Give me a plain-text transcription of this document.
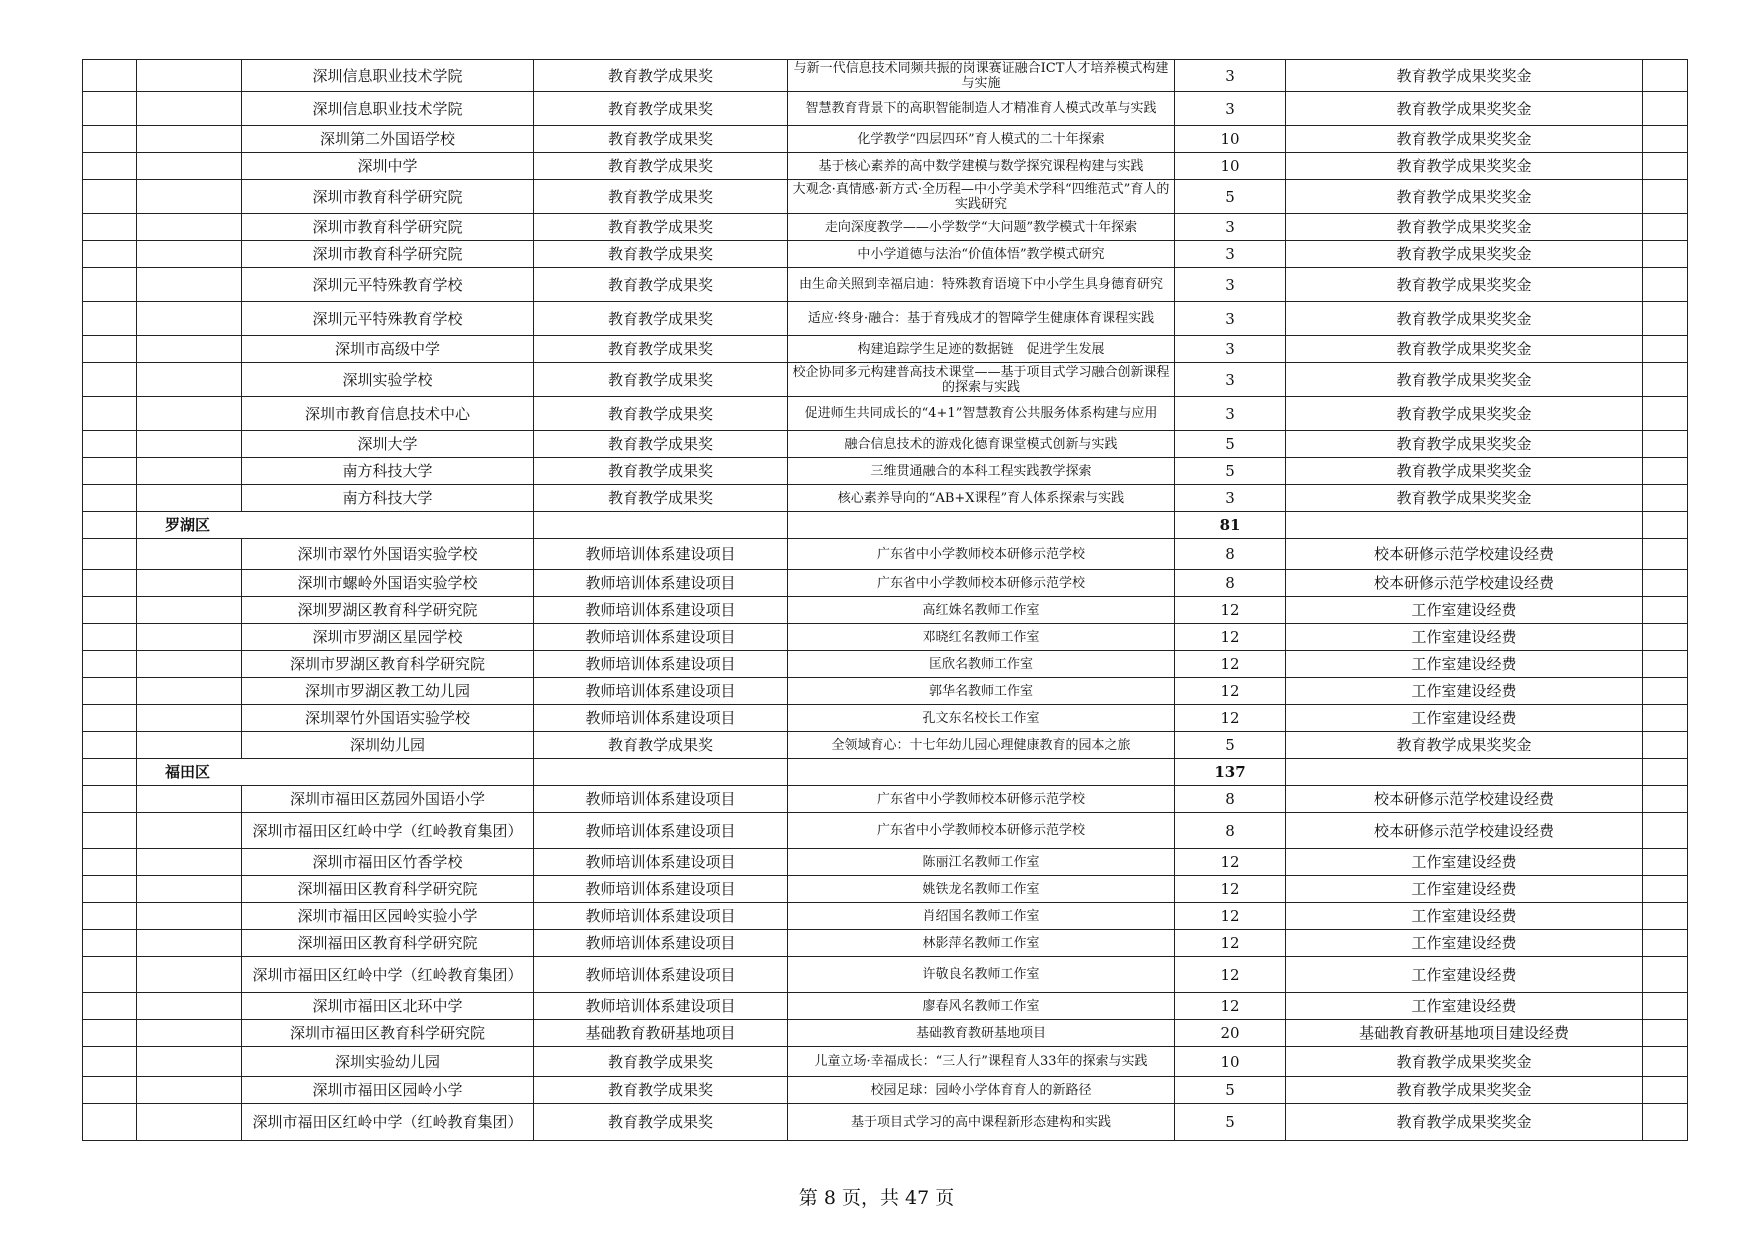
		深圳信息职业技术学院	教育教学成果奖	与新一代信息技术同频共振的岗课赛证融合ICT人才培养模式构建与实施	3	教育教学成果奖奖金	
		深圳信息职业技术学院	教育教学成果奖	智慧教育背景下的高职智能制造人才精准育人模式改革与实践	3	教育教学成果奖奖金	
		深圳第二外国语学校	教育教学成果奖	化学教学“四层四环”育人模式的二十年探索	10	教育教学成果奖奖金	
		深圳中学	教育教学成果奖	基于核心素养的高中数学建模与数学探究课程构建与实践	10	教育教学成果奖奖金	
		深圳市教育科学研究院	教育教学成果奖	大观念·真情感·新方式·全历程—中小学美术学科“四维范式”育人的实践研究	5	教育教学成果奖奖金	
		深圳市教育科学研究院	教育教学成果奖	走向深度教学——小学数学“大问题”教学模式十年探索	3	教育教学成果奖奖金	
		深圳市教育科学研究院	教育教学成果奖	中小学道德与法治“价值体悟”教学模式研究	3	教育教学成果奖奖金	
		深圳元平特殊教育学校	教育教学成果奖	由生命关照到幸福启迪：特殊教育语境下中小学生具身德育研究	3	教育教学成果奖奖金	
		深圳元平特殊教育学校	教育教学成果奖	适应·终身·融合：基于育残成才的智障学生健康体育课程实践	3	教育教学成果奖奖金	
		深圳市高级中学	教育教学成果奖	构建追踪学生足迹的数据链　促进学生发展	3	教育教学成果奖奖金	
		深圳实验学校	教育教学成果奖	校企协同多元构建普高技术课堂——基于项目式学习融合创新课程的探索与实践	3	教育教学成果奖奖金	
		深圳市教育信息技术中心	教育教学成果奖	促进师生共同成长的“4+1”智慧教育公共服务体系构建与应用	3	教育教学成果奖奖金	
		深圳大学	教育教学成果奖	融合信息技术的游戏化德育课堂模式创新与实践	5	教育教学成果奖奖金	
		南方科技大学	教育教学成果奖	三维贯通融合的本科工程实践教学探索	5	教育教学成果奖奖金	
		南方科技大学	教育教学成果奖	核心素养导向的“AB+X课程”育人体系探索与实践	3	教育教学成果奖奖金	
	罗湖区				81		
		深圳市翠竹外国语实验学校	教师培训体系建设项目	广东省中小学教师校本研修示范学校	8	校本研修示范学校建设经费	
		深圳市螺岭外国语实验学校	教师培训体系建设项目	广东省中小学教师校本研修示范学校	8	校本研修示范学校建设经费	
		深圳罗湖区教育科学研究院	教师培训体系建设项目	高红姝名教师工作室	12	工作室建设经费	
		深圳市罗湖区星园学校	教师培训体系建设项目	邓晓红名教师工作室	12	工作室建设经费	
		深圳市罗湖区教育科学研究院	教师培训体系建设项目	匡欣名教师工作室	12	工作室建设经费	
		深圳市罗湖区教工幼儿园	教师培训体系建设项目	郭华名教师工作室	12	工作室建设经费	
		深圳翠竹外国语实验学校	教师培训体系建设项目	孔文东名校长工作室	12	工作室建设经费	
		深圳幼儿园	教育教学成果奖	全领域育心：十七年幼儿园心理健康教育的园本之旅	5	教育教学成果奖奖金	
	福田区				137		
		深圳市福田区荔园外国语小学	教师培训体系建设项目	广东省中小学教师校本研修示范学校	8	校本研修示范学校建设经费	
		深圳市福田区红岭中学（红岭教育集团）	教师培训体系建设项目	广东省中小学教师校本研修示范学校	8	校本研修示范学校建设经费	
		深圳市福田区竹香学校	教师培训体系建设项目	陈丽江名教师工作室	12	工作室建设经费	
		深圳福田区教育科学研究院	教师培训体系建设项目	姚铁龙名教师工作室	12	工作室建设经费	
		深圳市福田区园岭实验小学	教师培训体系建设项目	肖绍国名教师工作室	12	工作室建设经费	
		深圳福田区教育科学研究院	教师培训体系建设项目	林影萍名教师工作室	12	工作室建设经费	
		深圳市福田区红岭中学（红岭教育集团）	教师培训体系建设项目	许敬良名教师工作室	12	工作室建设经费	
		深圳市福田区北环中学	教师培训体系建设项目	廖春风名教师工作室	12	工作室建设经费	
		深圳市福田区教育科学研究院	基础教育教研基地项目	基础教育教研基地项目	20	基础教育教研基地项目建设经费	
		深圳实验幼儿园	教育教学成果奖	儿童立场·幸福成长：“三人行”课程育人33年的探索与实践	10	教育教学成果奖奖金	
		深圳市福田区园岭小学	教育教学成果奖	校园足球：园岭小学体育育人的新路径	5	教育教学成果奖奖金	
		深圳市福田区红岭中学（红岭教育集团）	教育教学成果奖	基于项目式学习的高中课程新形态建构和实践	5	教育教学成果奖奖金	
第 8 页，共 47 页
